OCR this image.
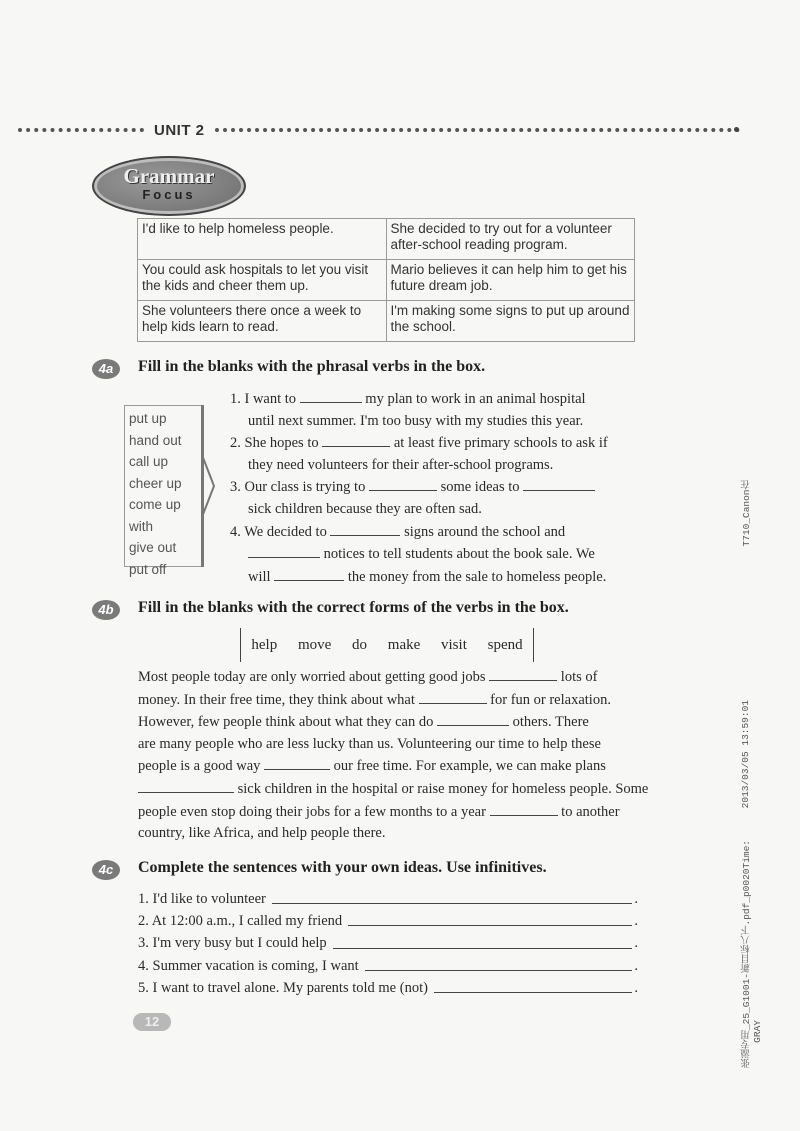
UNIT 2
Grammar
Focus
I'd like to help homeless people.	She decided to try out for a volunteer after-school reading program.
You could ask hospitals to let you visit the kids and cheer them up.	Mario believes it can help him to get his future dream job.
She volunteers there once a week to help kids learn to read.	I'm making some signs to put up around the school.
4a	Fill in the blanks with the phrasal verbs in the box.
put up
hand out
call up
cheer up
come up with
give out
put off
1. I want to	my plan to work in an animal hospital
until next summer. I'm too busy with my studies this year.
2. She hopes to	at least five primary schools to ask if
they need volunteers for their after-school programs.
3. Our class is trying to	some ideas to
sick children because they are often sad.
4. We decided to	signs around the school and
notices to tell students about the book sale. We
will	the money from the sale to homeless people.
4b	Fill in the blanks with the correct forms of the verbs in the box.
help move do make visit spend
Most people today are only worried about getting good jobs	lots of
money. In their free time, they think about what	for fun or relaxation.
However, few people think about what they can do	others. There
are many people who are less lucky than us. Volunteering our time to help these
people is a good way	our free time. For example, we can make plans
sick children in the hospital or raise money for homeless people. Some
people even stop doing their jobs for a few months to a year	to another
country, like Africa, and help people there.
4c	Complete the sentences with your own ideas. Use infinitives.
1. I'd like to volunteer	.
2. At 12:00 a.m., I called my friend	.
3. I'm very busy but I could help	.
4. Summer vacation is coming, I want	.
5. I want to travel alone. My parents told me (not)	.
12
T710_Canon在
2013/03/05 13:59:01
张溢专用_25_G1001-新目标八下.pdf_p0020Time: GRAY
